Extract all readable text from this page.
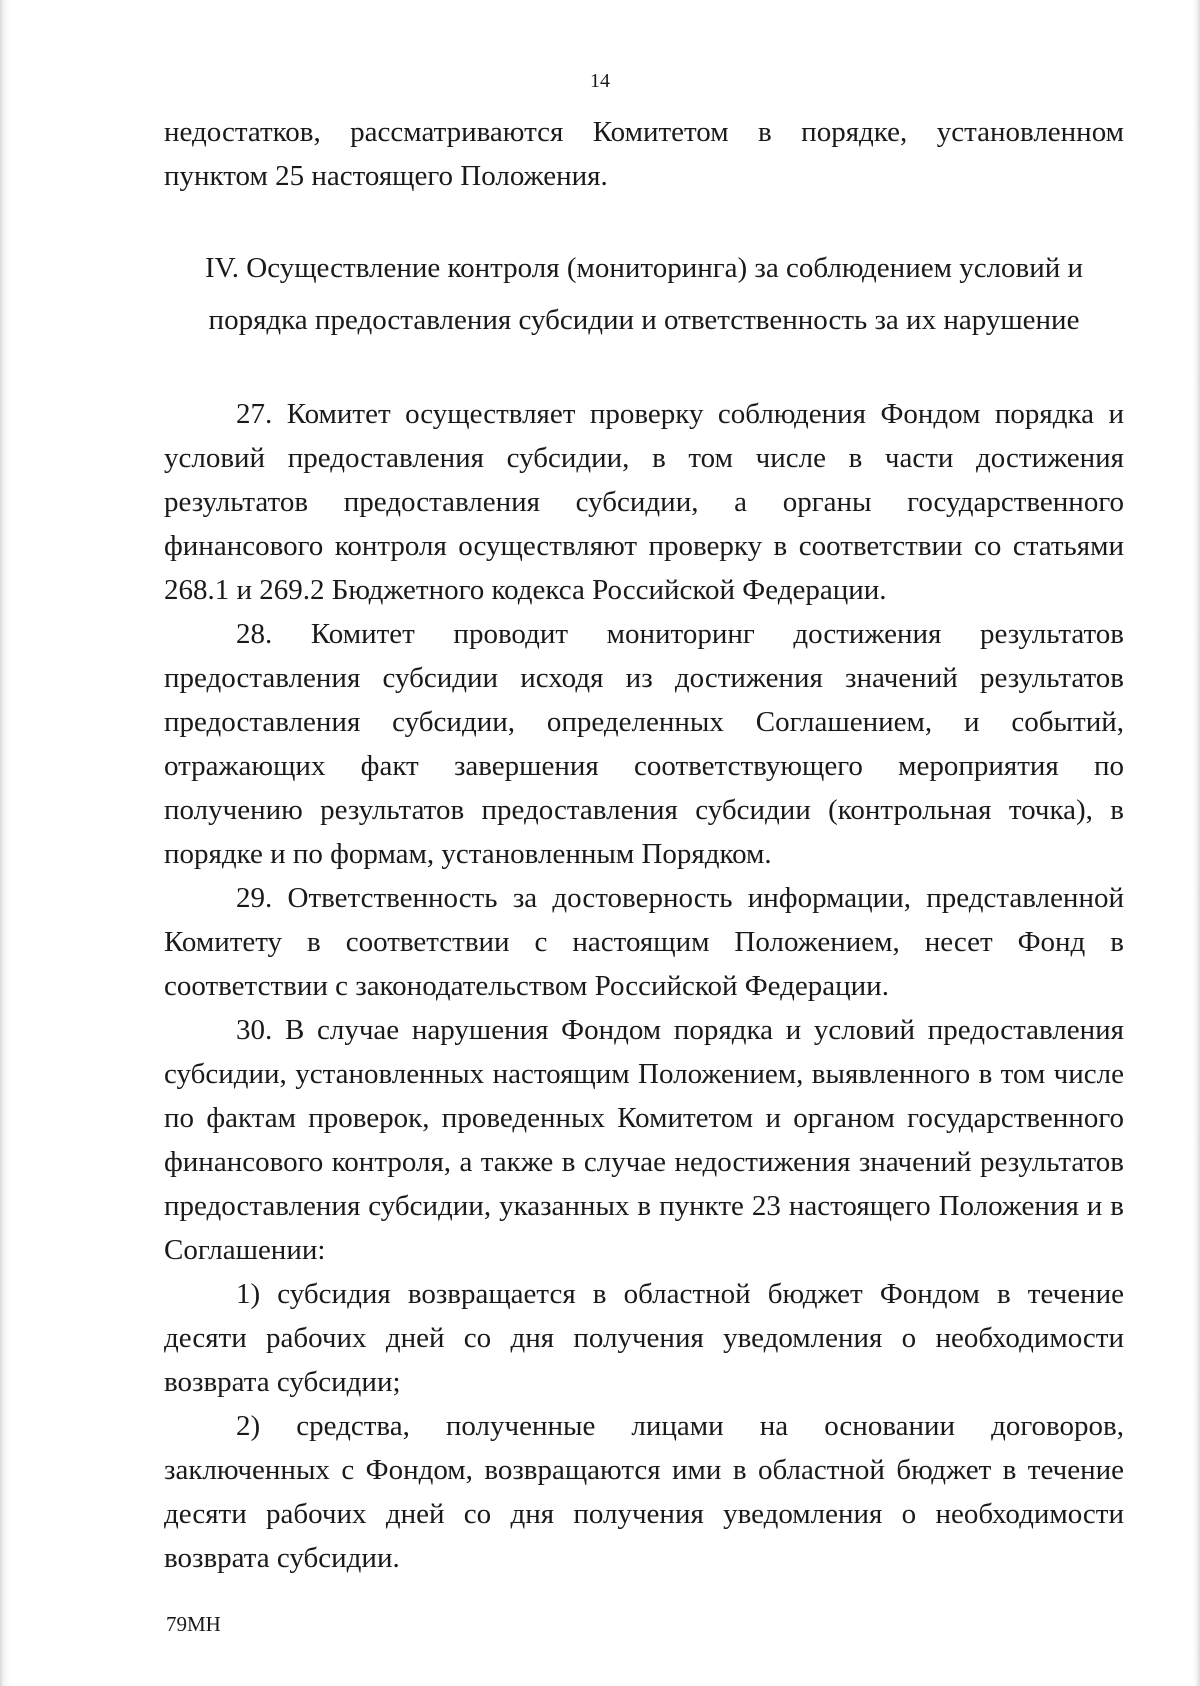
14

недостатков, рассматриваются Комитетом в порядке, установленном пунктом 25 настоящего Положения.

IV. Осуществление контроля (мониторинга) за соблюдением условий и
порядка предоставления субсидии и ответственность за их нарушение

27. Комитет осуществляет проверку соблюдения Фондом порядка и условий предоставления субсидии, в том числе в части достижения результатов предоставления субсидии, а органы государственного финансового контроля осуществляют проверку в соответствии со статьями 268.1 и 269.2 Бюджетного кодекса Российской Федерации.

28. Комитет проводит мониторинг достижения результатов предоставления субсидии исходя из достижения значений результатов предоставления субсидии, определенных Соглашением, и событий, отражающих факт завершения соответствующего мероприятия по получению результатов предоставления субсидии (контрольная точка), в порядке и по формам, установленным Порядком.

29. Ответственность за достоверность информации, представленной Комитету в соответствии с настоящим Положением, несет Фонд в соответствии с законодательством Российской Федерации.

30. В случае нарушения Фондом порядка и условий предоставления субсидии, установленных настоящим Положением, выявленного в том числе по фактам проверок, проведенных Комитетом и органом государственного финансового контроля, а также в случае недостижения значений результатов предоставления субсидии, указанных в пункте 23 настоящего Положения и в Соглашении:

1) субсидия возвращается в областной бюджет Фондом в течение десяти рабочих дней со дня получения уведомления о необходимости возврата субсидии;

2) средства, полученные лицами на основании договоров, заключенных с Фондом, возвращаются ими в областной бюджет в течение десяти рабочих дней со дня получения уведомления о необходимости возврата субсидии.

79МН
